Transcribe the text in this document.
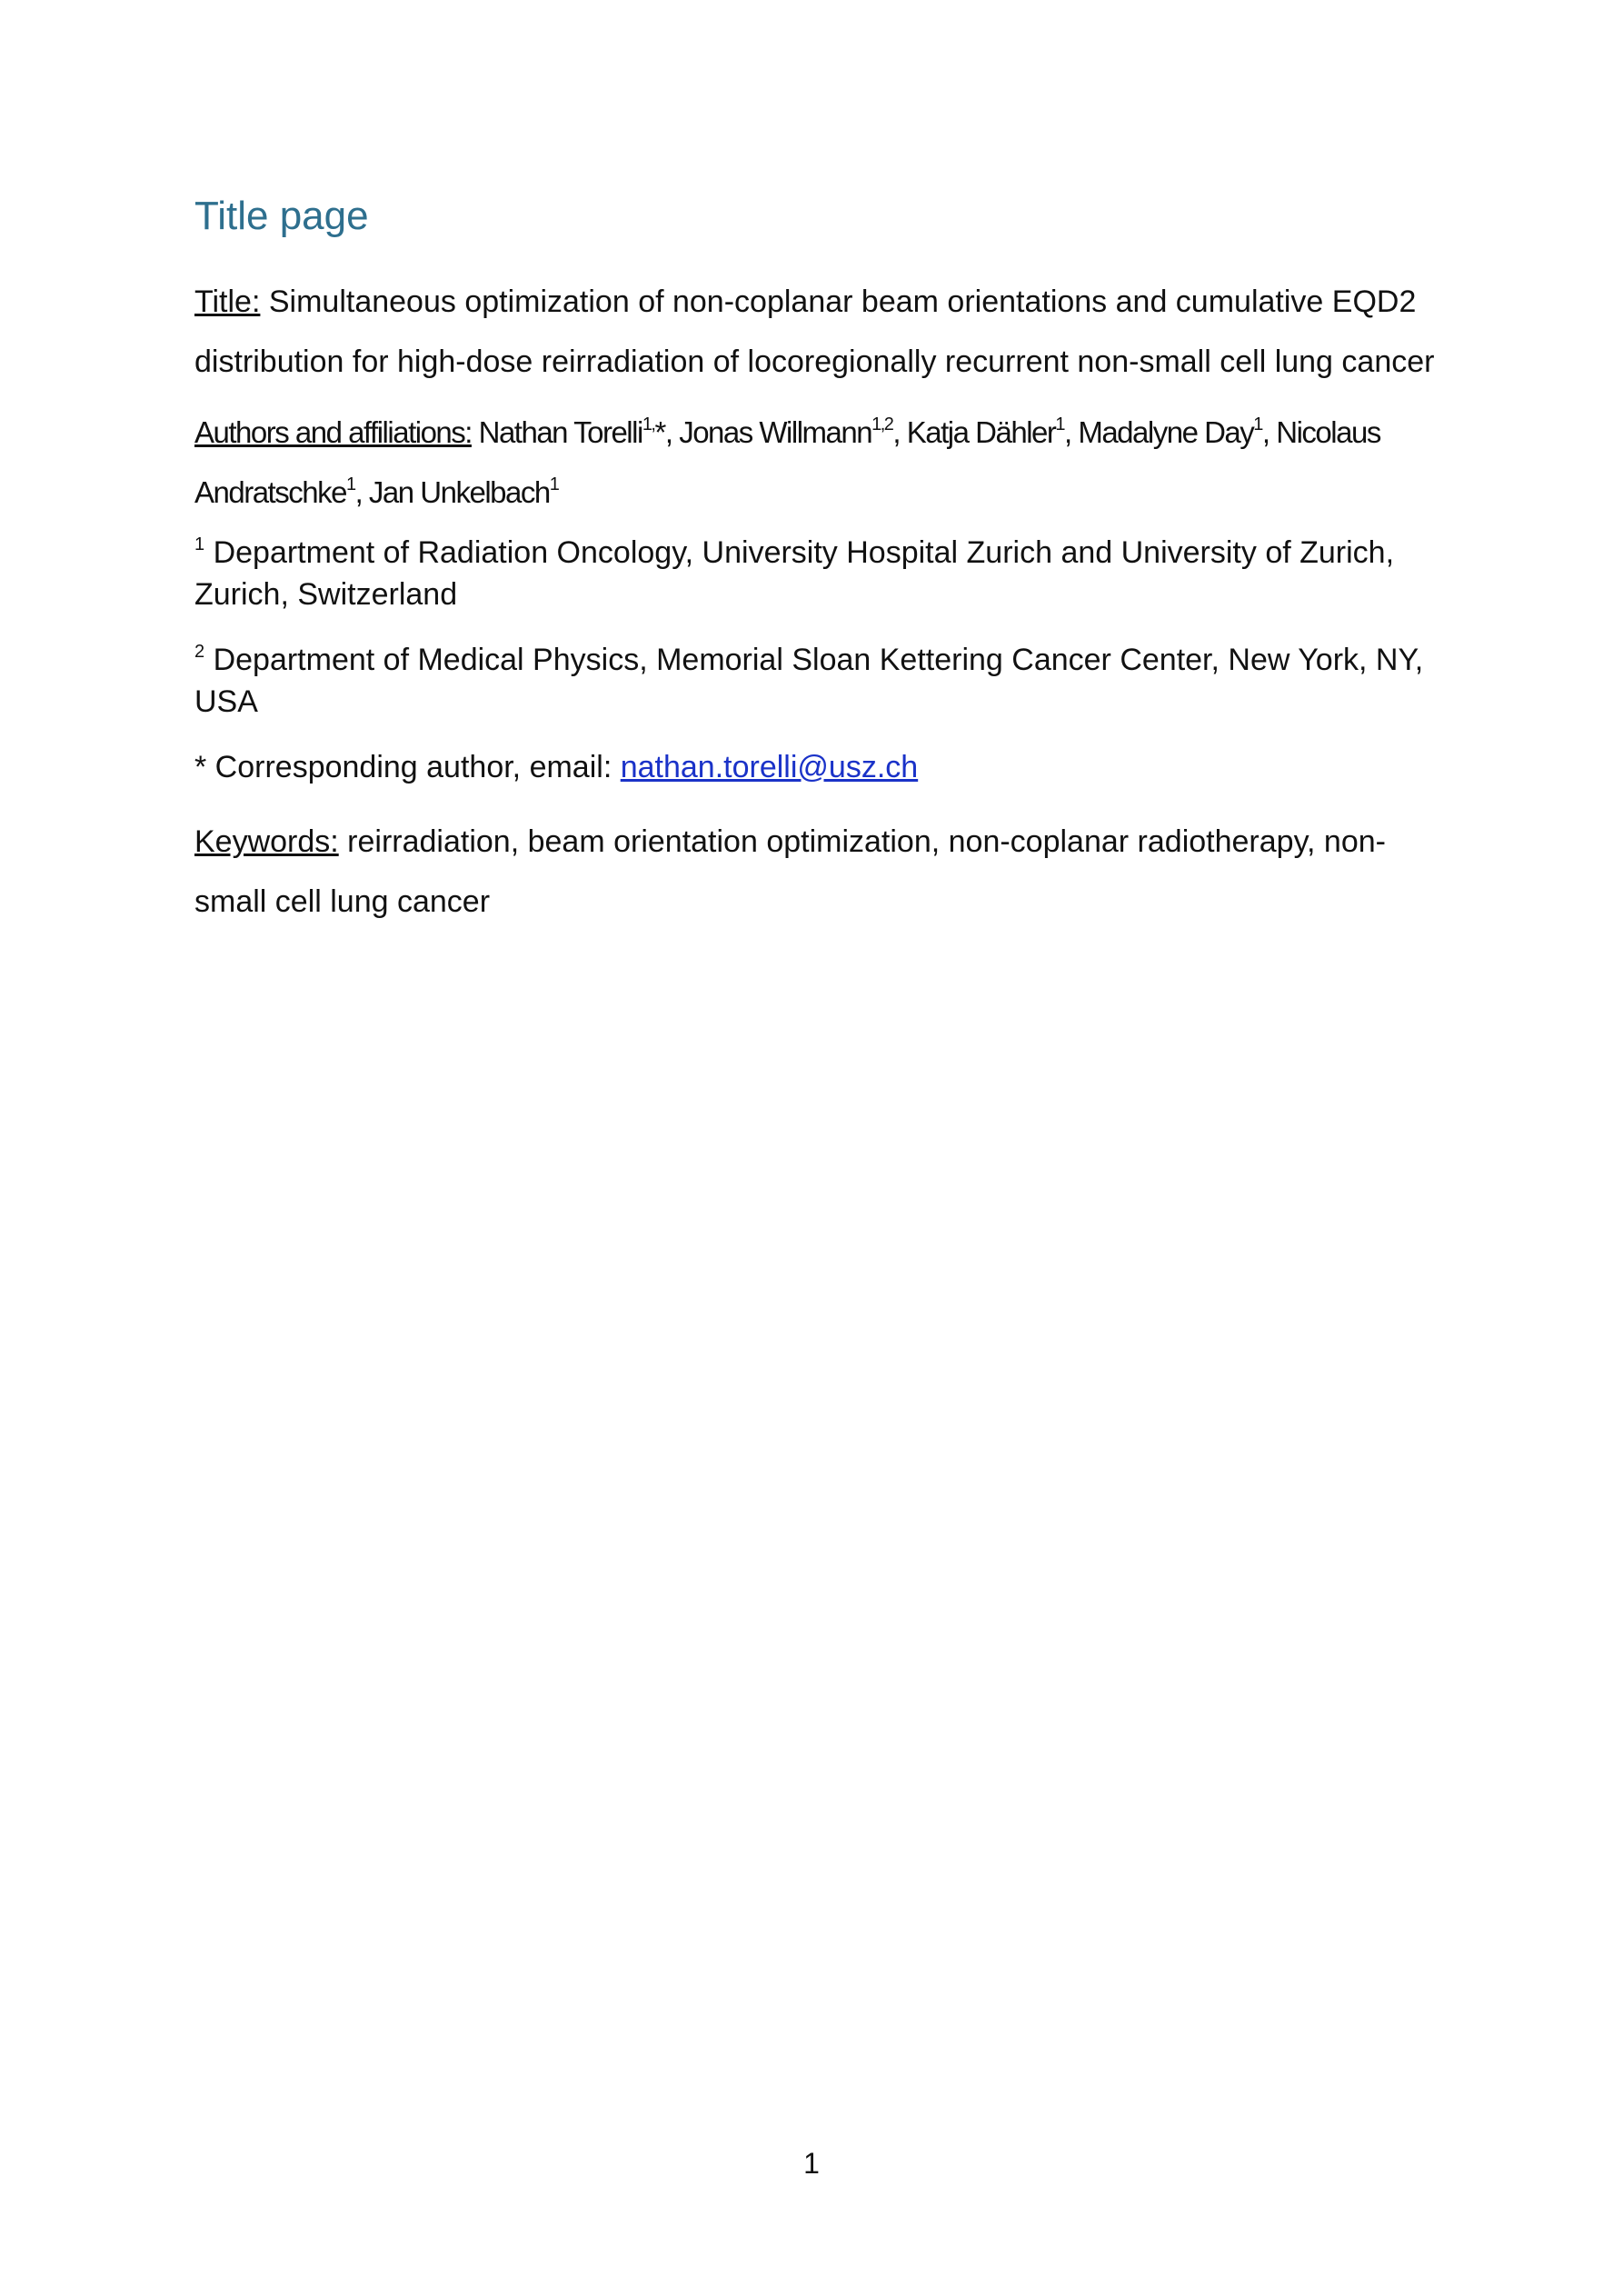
Title page

Title: Simultaneous optimization of non-coplanar beam orientations and cumulative EQD2 distribution for high-dose reirradiation of locoregionally recurrent non-small cell lung cancer

Authors and affiliations: Nathan Torelli$^{1,}$*, Jonas Willmann$^{1,2}$, Katja Dähler$^1$, Madalyne Day$^1$, Nicolaus Andratschke$^1$, Jan Unkelbach$^1$

$^1$ Department of Radiation Oncology, University Hospital Zurich and University of Zurich, Zurich, Switzerland

$^2$ Department of Medical Physics, Memorial Sloan Kettering Cancer Center, New York, NY, USA

* Corresponding author, email: nathan.torelli@usz.ch

Keywords: reirradiation, beam orientation optimization, non-coplanar radiotherapy, non-small cell lung cancer

1
